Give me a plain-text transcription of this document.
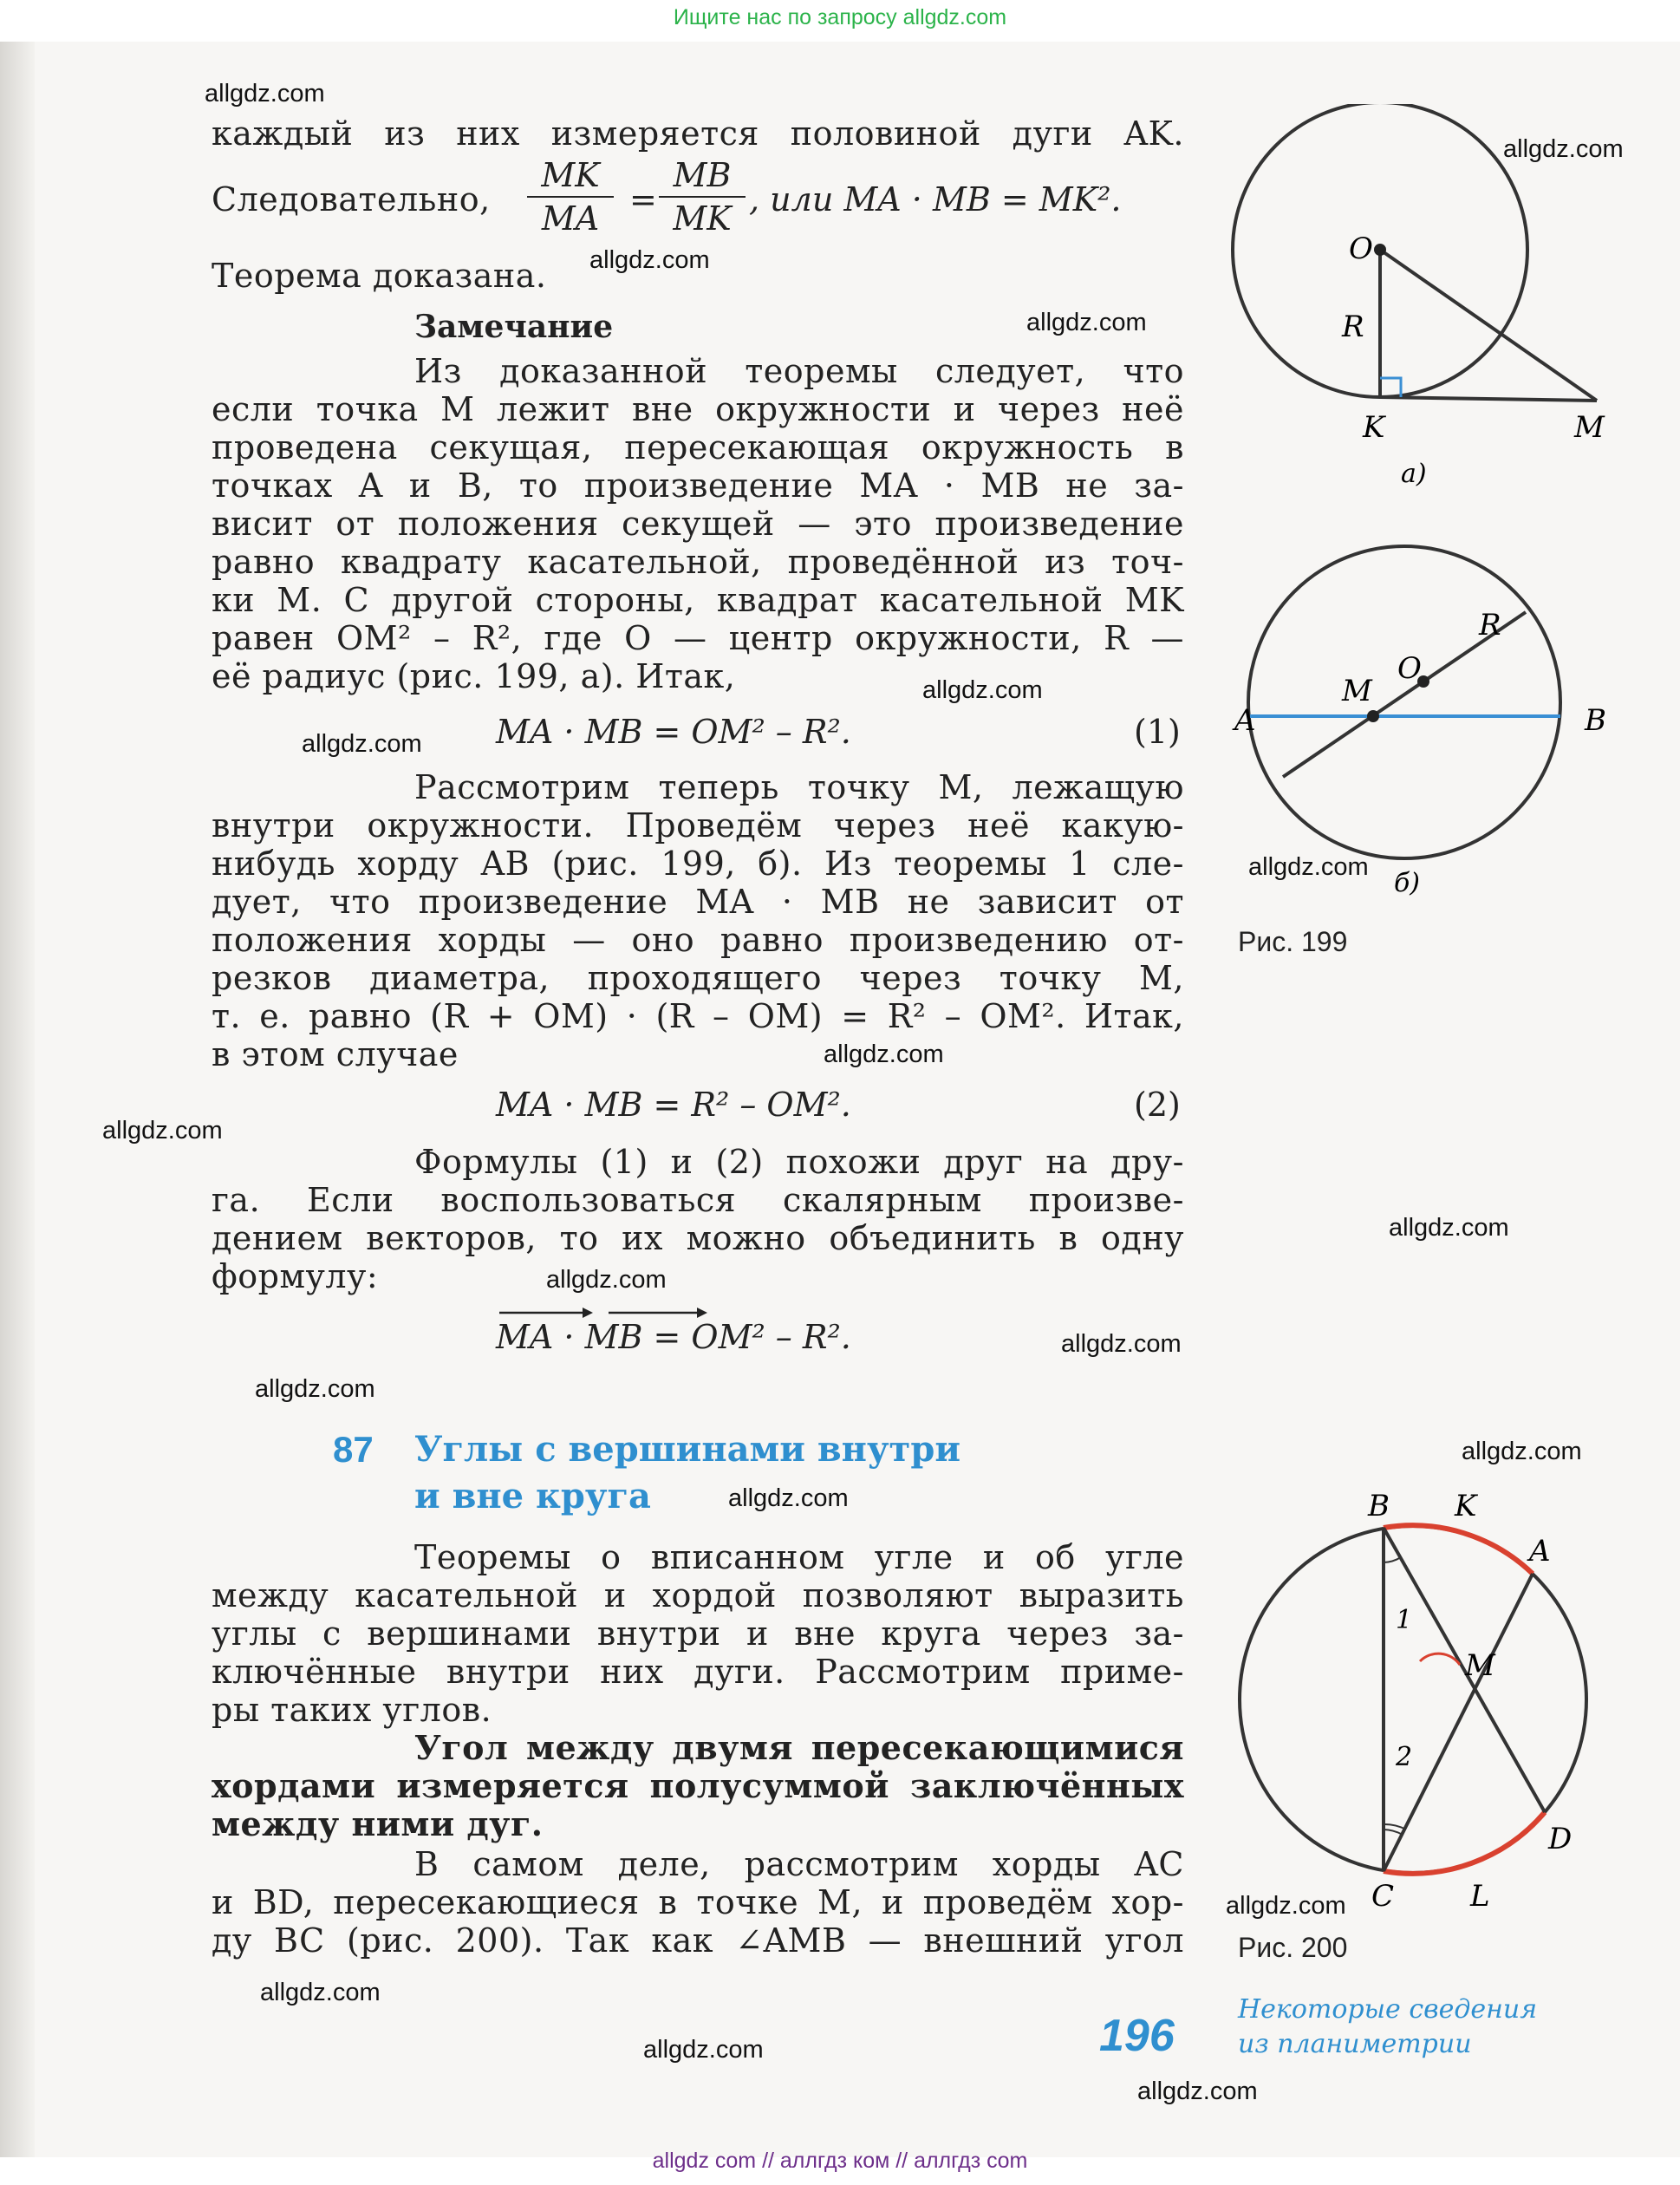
Ищите нас по запросу allgdz.com
каждый из них измеряется половиной дуги AK.
Следовательно,
MK
MA =
MB
MK , или MA · MB = MK².
Теорема доказана.
Замечание
Из доказанной теоремы следует, что
если точка M лежит вне окружности и через неё
проведена секущая, пересекающая окружность в
точках A и B, то произведение MA · MB не за-
висит от положения секущей — это произведение
равно квадрату касательной, проведённой из точ-
ки M. С другой стороны, квадрат касательной MK
равен OM² – R², где O — центр окружности, R —
её радиус (рис. 199, а). Итак,
MA · MB = OM² – R².	(1)
Рассмотрим теперь точку M, лежащую
внутри окружности. Проведём через неё какую-
нибудь хорду AB (рис. 199, б). Из теоремы 1 сле-
дует, что произведение MA · MB не зависит от
положения хорды — оно равно произведению от-
резков диаметра, проходящего через точку M,
т. е. равно (R + OM) · (R – OM) = R² – OM². Итак,
в этом случае
MA · MB = R² – OM².	(2)
Формулы (1) и (2) похожи друг на дру-
га. Если воспользоваться скалярным произве-
дением векторов, то их можно объединить в одну
формулу:
MA · MB = OM² – R².
87 Углы с вершинами внутри
и вне круга
Теоремы о вписанном угле и об угле
между касательной и хордой позволяют выразить
углы с вершинами внутри и вне круга через за-
ключённые внутри них дуги. Рассмотрим приме-
ры таких углов.
Угол между двумя пересекающимися
хордами измеряется полусуммой заключённых
между ними дуг.
В самом деле, рассмотрим хорды AC
и BD, пересекающиеся в точке M, и проведём хор-
ду BC (рис. 200). Так как ∠AMB — внешний угол
O
R
K	M
а)
A	B
M
O
R
б)
Рис. 199
B K
A
M
D
C	L
1
2
Рис. 200
196
Некоторые сведения
из планиметрии
allgdz.com
allgdz.com
allgdz.com
allgdz.com
allgdz.com
allgdz.com
allgdz.com
allgdz.com
allgdz.com
allgdz.com
allgdz.com
allgdz.com
allgdz.com
allgdz.com
allgdz.com
allgdz.com
allgdz.com
allgdz.com
allgdz.com
allgdz com // аллгдз ком // аллгдз com
